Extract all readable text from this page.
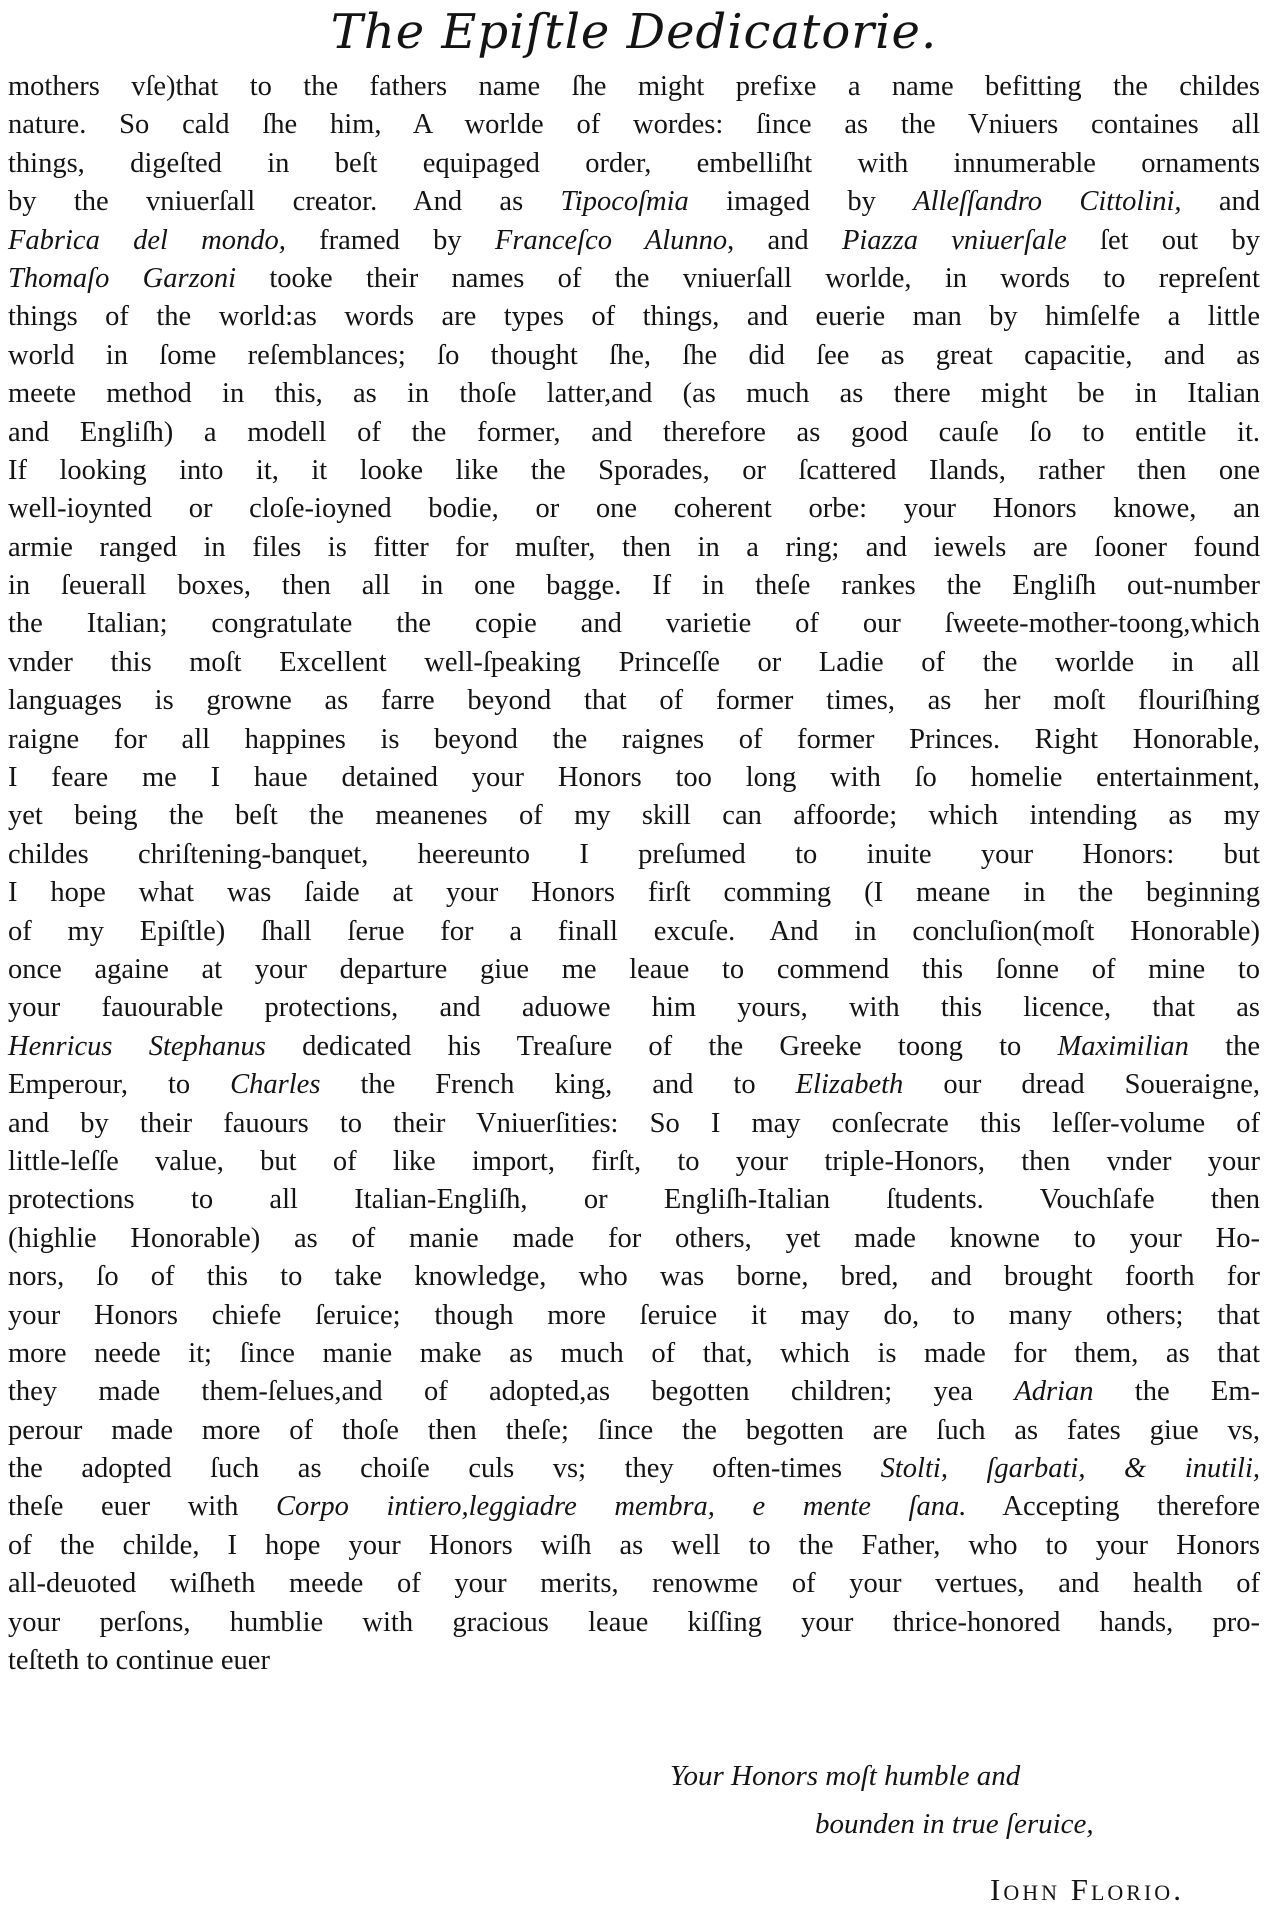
The Epiſtle Dedicatorie.
mothers vſe)that to the fathers name ſhe might prefixe a name befitting the childes
nature. So cald ſhe him, A worlde of wordes: ſince as the Vniuers containes all
things, digeſted in beſt equipaged order, embelliſht with innumerable ornaments
by the vniuerſall creator. And as Tipocoſmia imaged by Alleſſandro Cittolini, and
Fabrica del mondo, framed by Franceſco Alunno, and Piazza vniuerſale ſet out by
Thomaſo Garzoni tooke their names of the vniuerſall worlde, in words to repreſent
things of the world:as words are types of things, and euerie man by himſelfe a little
world in ſome reſemblances; ſo thought ſhe, ſhe did ſee as great capacitie, and as
meete method in this, as in thoſe latter,and (as much as there might be in Italian
and Engliſh) a modell of the former, and therefore as good cauſe ſo to entitle it.
If looking into it, it looke like the Sporades, or ſcattered Ilands, rather then one
well-ioynted or cloſe-ioyned bodie, or one coherent orbe: your Honors knowe, an
armie ranged in files is fitter for muſter, then in a ring; and iewels are ſooner found
in ſeuerall boxes, then all in one bagge. If in theſe rankes the Engliſh out-number
the Italian; congratulate the copie and varietie of our ſweete-mother-toong,which
vnder this moſt Excellent well-ſpeaking Princeſſe or Ladie of the worlde in all
languages is growne as farre beyond that of former times, as her moſt flouriſhing
raigne for all happines is beyond the raignes of former Princes. Right Honorable,
I feare me I haue detained your Honors too long with ſo homelie entertainment,
yet being the beſt the meanenes of my skill can affoorde; which intending as my
childes chriſtening-banquet, heereunto I preſumed to inuite your Honors: but
I hope what was ſaide at your Honors firſt comming (I meane in the beginning
of my Epiſtle) ſhall ſerue for a finall excuſe. And in concluſion(moſt Honorable)
once againe at your departure giue me leaue to commend this ſonne of mine to
your fauourable protections, and aduowe him yours, with this licence, that as
Henricus Stephanus dedicated his Treaſure of the Greeke toong to Maximilian the
Emperour, to Charles the French king, and to Elizabeth our dread Soueraigne,
and by their fauours to their Vniuerſities: So I may conſecrate this leſſer-volume of
little-leſſe value, but of like import, firſt, to your triple-Honors, then vnder your
protections to all Italian-Engliſh, or Engliſh-Italian ſtudents. Vouchſafe then
(highlie Honorable) as of manie made for others, yet made knowne to your Ho-
nors, ſo of this to take knowledge, who was borne, bred, and brought foorth for
your Honors chiefe ſeruice; though more ſeruice it may do, to many others; that
more neede it; ſince manie make as much of that, which is made for them, as that
they made them-ſelues,and of adopted,as begotten children; yea Adrian the Em-
perour made more of thoſe then theſe; ſince the begotten are ſuch as fates giue vs,
the adopted ſuch as choiſe culs vs; they often-times Stolti, ſgarbati, & inutili,
theſe euer with Corpo intiero,leggiadre membra, e mente ſana. Accepting therefore
of the childe, I hope your Honors wiſh as well to the Father, who to your Honors
all-deuoted wiſheth meede of your merits, renowme of your vertues, and health of
your perſons, humblie with gracious leaue kiſſing your thrice-honored hands, pro-
teſteth to continue euer
Your Honors moſt humble and
bounden in true ſeruice,
Iohn Florio.
